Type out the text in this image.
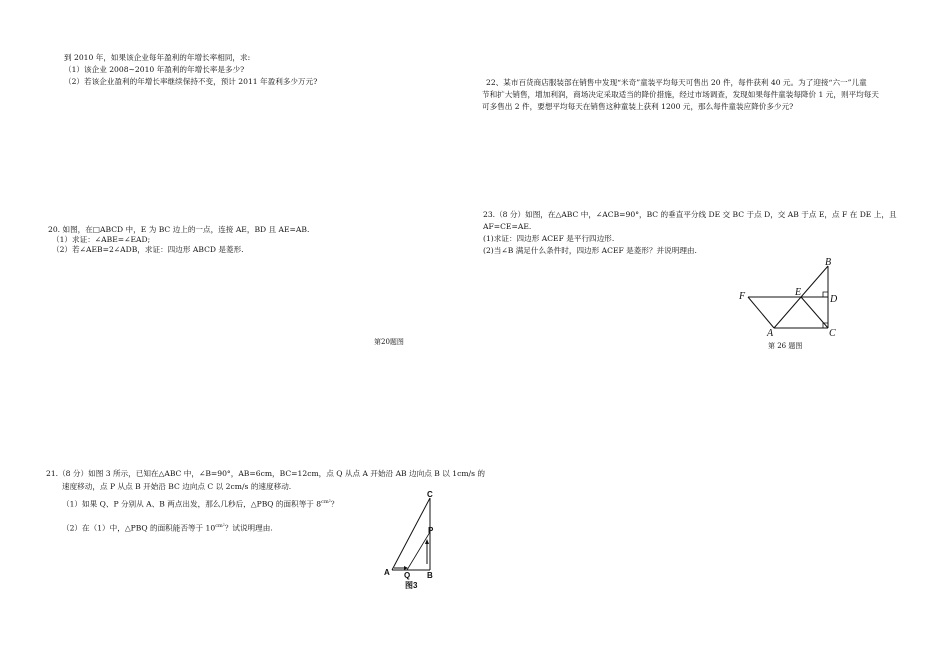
到 2010 年，如果该企业每年盈利的年增长率相同，求:
（1）该企业 2008~2010 年盈利的年增长率是多少?
（2）若该企业盈利的年增长率继续保持不变，预计 2011 年盈利多少万元?
20. 如图，在□ABCD 中，E 为 BC 边上的一点，连接 AE，BD 且 AE=AB.
（1）求证：∠ABE=∠EAD;
（2）若∠AEB=2∠ADB，求证：四边形 ABCD 是菱形.
第20题图
21.（8 分）如图 3 所示，已知在△ABC 中，∠B=90°，AB=6cm，BC=12cm，点 Q 从点 A 开始沿 AB 边向点 B 以 1cm/s 的
速度移动，点 P 从点 B 开始沿 BC 边向点 C 以 2cm/s 的速度移动.
（1）如果 Q、P 分别从 A、B 两点出发，那么几秒后，△PBQ 的面积等于 $8^{cm^2}$？
（2）在（1）中，△PBQ 的面积能否等于 $10^{cm^2}$？试说明理由.
A Q B
P
C
图3
22、某市百货商店服装部在销售中发现“米奇”童装平均每天可售出 20 件，每件获利 40 元。为了迎接“六一”儿童
节和扩大销售，增加利润，商场决定采取适当的降价措施，经过市场调查，发现如果每件童装每降价 1 元，则平均每天
可多售出 2 件，要想平均每天在销售这种童装上获利 1200 元，那么每件童装应降价多少元?
23.（8 分）如图，在△ABC 中，∠ACB=90°，BC 的垂直平分线 DE 交 BC 于点 D，交 AB 于点 E，点 F 在 DE 上，且
AF=CE=AE.
(1)求证：四边形 ACEF 是平行四边形.
(2)当∠B 满足什么条件时，四边形 ACEF 是菱形？并说明理由.
B
F	E
D
A	C
第 26 题图
